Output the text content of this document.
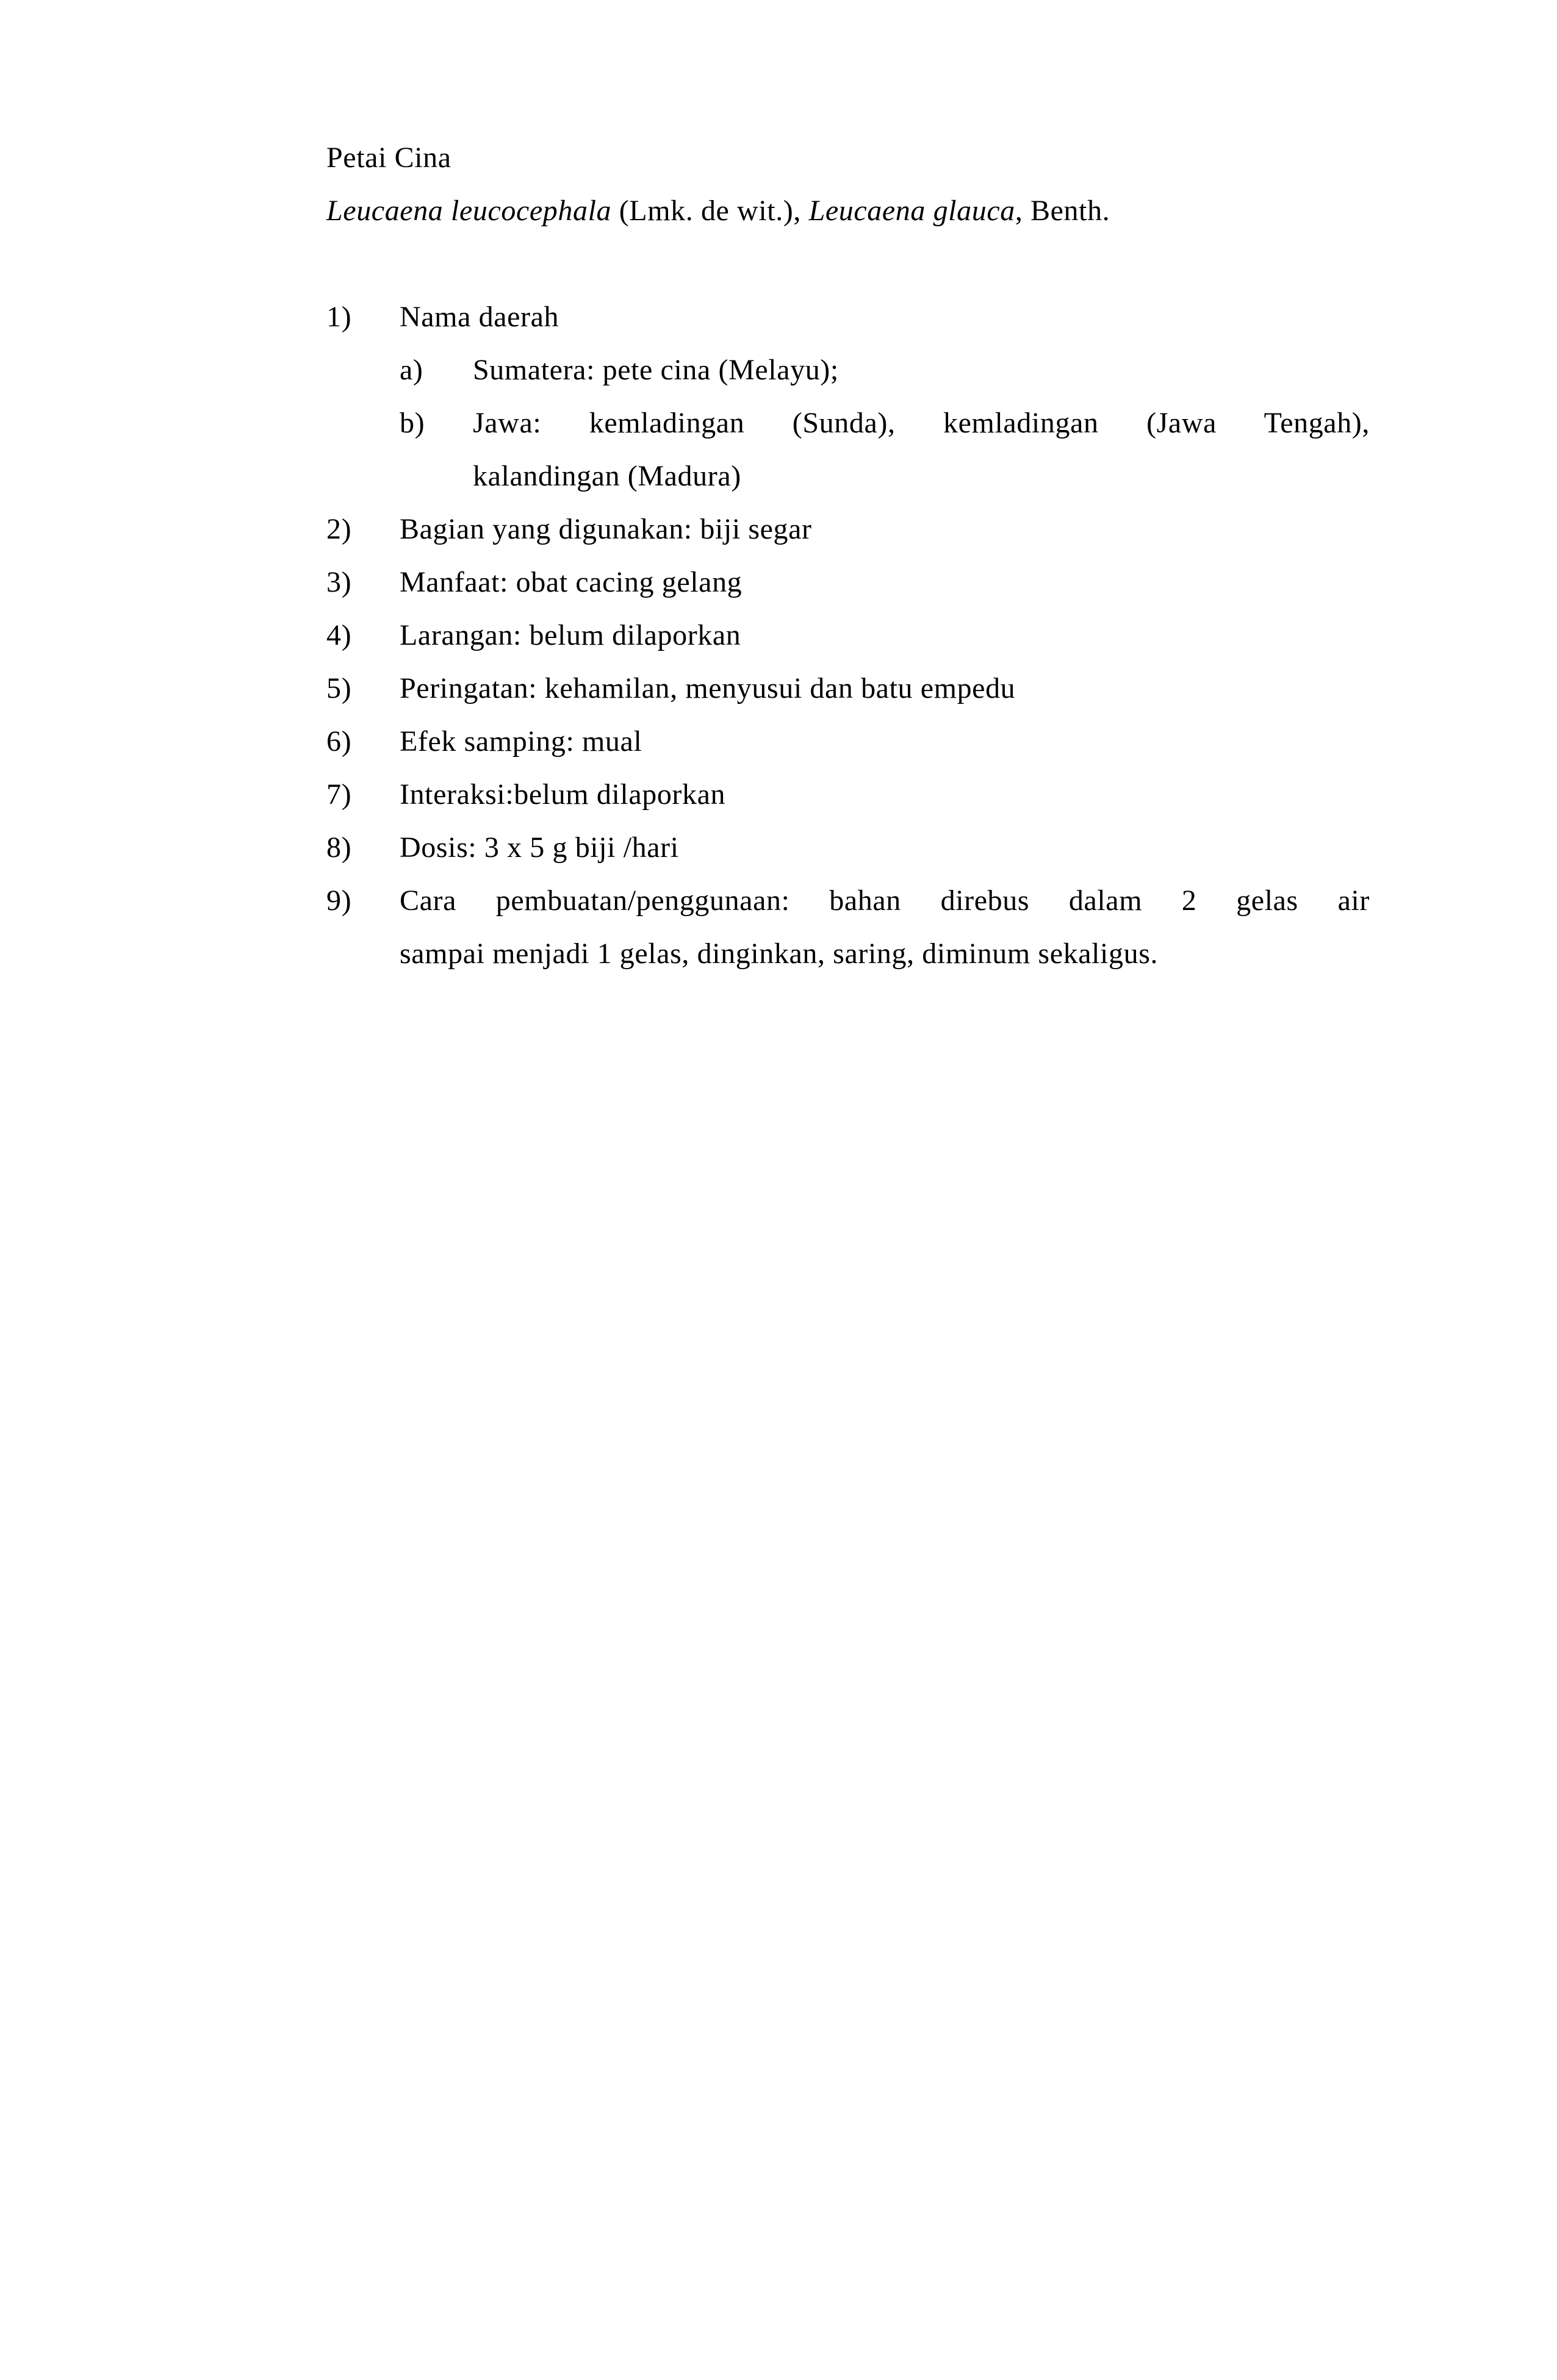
Petai Cina
Leucaena leucocephala (Lmk. de wit.), Leucaena glauca, Benth.
1) Nama daerah
a) Sumatera: pete cina (Melayu);
b) Jawa: kemladingan (Sunda), kemladingan (Jawa Tengah),
kalandingan (Madura)
2) Bagian yang digunakan: biji segar
3) Manfaat: obat cacing gelang
4) Larangan: belum dilaporkan
5) Peringatan: kehamilan, menyusui dan batu empedu
6) Efek samping: mual
7) Interaksi:belum dilaporkan
8) Dosis: 3 x 5 g biji /hari
9) Cara pembuatan/penggunaan: bahan direbus dalam 2 gelas air
sampai menjadi 1 gelas, dinginkan, saring, diminum sekaligus.
